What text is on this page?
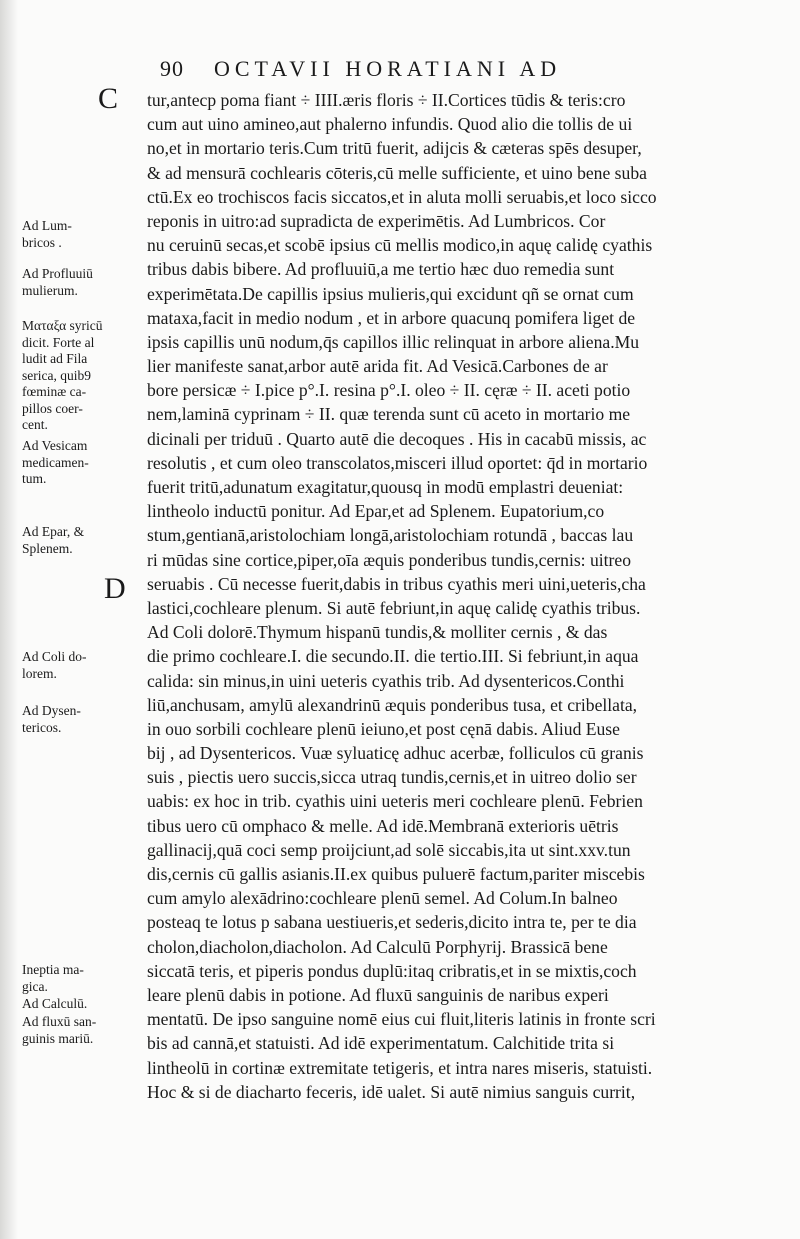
90 OCTAVII HORATIANI AD
C
D
tur,antecp poma fiant ÷ IIII.æris floris ÷ II.Cortices tūdis & teris:cro
cum aut uino amineo,aut phalerno infundis. Quod alio die tollis de ui
no,et in mortario teris.Cum tritū fuerit, adijcis & cæteras spēs desuper,
& ad mensurā cochlearis cōteris,cū melle sufficiente, et uino bene suba
ctū.Ex eo trochiscos facis siccatos,et in aluta molli seruabis,et loco sicco
reponis in uitro:ad supradicta de experimētis. Ad Lumbricos. Cor
nu ceruinū secas,et scobē ipsius cū mellis modico,in aquę calidę cyathis
tribus dabis bibere. Ad profluuiū,a me tertio hæc duo remedia sunt
experimētata.De capillis ipsius mulieris,qui excidunt qñ se ornat cum
mataxa,facit in medio nodum , et in arbore quacunq pomifera liget de
ipsis capillis unū nodum,q̄s capillos illic relinquat in arbore aliena.Mu
lier manifeste sanat,arbor autē arida fit. Ad Vesicā.Carbones de ar
bore persicæ ÷ I.pice p°.I. resina p°.I. oleo ÷ II. cęræ ÷ II. aceti potio
nem,laminā cyprinam ÷ II. quæ terenda sunt cū aceto in mortario me
dicinali per triduū . Quarto autē die decoques . His in cacabū missis, ac
resolutis , et cum oleo transcolatos,misceri illud oportet: q̄d in mortario
fuerit tritū,adunatum exagitatur,quousq in modū emplastri deueniat:
lintheolo inductū ponitur. Ad Epar,et ad Splenem. Eupatorium,co
stum,gentianā,aristolochiam longā,aristolochiam rotundā , baccas lau
ri mūdas sine cortice,piper,oīa æquis ponderibus tundis,cernis: uitreo
seruabis . Cū necesse fuerit,dabis in tribus cyathis meri uini,ueteris,cha
lastici,cochleare plenum. Si autē febriunt,in aquę calidę cyathis tribus.
Ad Coli dolorē.Thymum hispanū tundis,& molliter cernis , & das
die primo cochleare.I. die secundo.II. die tertio.III. Si febriunt,in aqua
calida: sin minus,in uini ueteris cyathis trib. Ad dysentericos.Conthi
liū,anchusam, amylū alexandrinū æquis ponderibus tusa, et cribellata,
in ouo sorbili cochleare plenū ieiuno,et post cęnā dabis. Aliud Euse
bij , ad Dysentericos. Vuæ syluaticę adhuc acerbæ, folliculos cū granis
suis , piectis uero succis,sicca utraq tundis,cernis,et in uitreo dolio ser
uabis: ex hoc in trib. cyathis uini ueteris meri cochleare plenū. Febrien
tibus uero cū omphaco & melle. Ad idē.Membranā exterioris uētris
gallinacij,quā coci semp proijciunt,ad solē siccabis,ita ut sint.xxv.tun
dis,cernis cū gallis asianis.II.ex quibus puluerē factum,pariter miscebis
cum amylo alexādrino:cochleare plenū semel. Ad Colum.In balneo
posteaq te lotus p sabana uestiueris,et sederis,dicito intra te, per te dia
cholon,diacholon,diacholon. Ad Calculū Porphyrij. Brassicā bene
siccatā teris, et piperis pondus duplū:itaq cribratis,et in se mixtis,coch
leare plenū dabis in potione. Ad fluxū sanguinis de naribus experi
mentatū. De ipso sanguine nomē eius cui fluit,literis latinis in fronte scri
bis ad cannā,et statuisti. Ad idē experimentatum. Calchitide trita si
lintheolū in cortinæ extremitate tetigeris, et intra nares miseris, statuisti.
Hoc & si de diacharto feceris, idē ualet. Si autē nimius sanguis currit,
Ad Lum-
bricos .
Ad Profluuiū
mulierum.
Ματαξα syricū
dicit. Forte al
ludit ad Fila
serica, quib9
fœminæ ca-
pillos coer-
cent.
Ad Vesicam
medicamen-
tum.
Ad Epar, &
Splenem.
Ad Coli do-
lorem.
Ad Dysen-
tericos.
Ineptia ma-
gica.
Ad Calculū.
Ad fluxū san-
guinis mariū.
